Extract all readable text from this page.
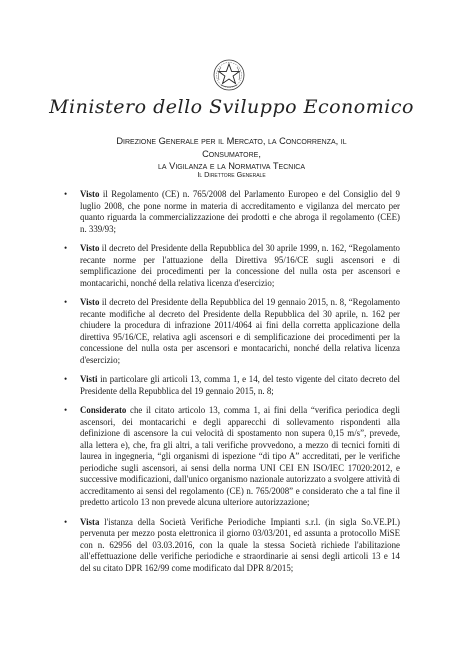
Ministero dello Sviluppo Economico
Direzione Generale per il Mercato, la Concorrenza, il Consumatore,
la Vigilanza e la Normativa Tecnica
Il Direttore Generale
• Visto il Regolamento (CE) n. 765/2008 del Parlamento Europeo e del Consiglio del 9 luglio 2008, che pone norme in materia di accreditamento e vigilanza del mercato per quanto riguarda la commercializzazione dei prodotti e che abroga il regolamento (CEE) n. 339/93;

• Visto il decreto del Presidente della Repubblica del 30 aprile 1999, n. 162, “Regolamento recante norme per l'attuazione della Direttiva 95/16/CE sugli ascensori e di semplificazione dei procedimenti per la concessione del nulla osta per ascensori e montacarichi, nonché della relativa licenza d'esercizio;

• Visto il decreto del Presidente della Repubblica del 19 gennaio 2015, n. 8, “Regolamento recante modifiche al decreto del Presidente della Repubblica del 30 aprile, n. 162 per chiudere la procedura di infrazione 2011/4064 ai fini della corretta applicazione della direttiva 95/16/CE, relativa agli ascensori e di semplificazione dei procedimenti per la concessione del nulla osta per ascensori e montacarichi, nonché della relativa licenza d'esercizio;

• Visti in particolare gli articoli 13, comma 1, e 14, del testo vigente del citato decreto del Presidente della Repubblica del 19 gennaio 2015, n. 8;

• Considerato che il citato articolo 13, comma 1, ai fini della “verifica periodica degli ascensori, dei montacarichi e degli apparecchi di sollevamento rispondenti alla definizione di ascensore la cui velocità di spostamento non supera 0,15 m/s”, prevede, alla lettera e), che, fra gli altri, a tali verifiche provvedono, a mezzo di tecnici forniti di laurea in ingegneria, “gli organismi di ispezione “di tipo A” accreditati, per le verifiche periodiche sugli ascensori, ai sensi della norma UNI CEI EN ISO/IEC 17020:2012, e successive modificazioni, dall'unico organismo nazionale autorizzato a svolgere attività di accreditamento ai sensi del regolamento (CE) n. 765/2008” e considerato che a tal fine il predetto articolo 13 non prevede alcuna ulteriore autorizzazione;

• Vista l'istanza della Società Verifiche Periodiche Impianti s.r.l. (in sigla So.VE.PI.) pervenuta per mezzo posta elettronica il giorno 03/03/201, ed assunta a protocollo MiSE con n. 62956 del 03.03.2016, con la quale la stessa Società richiede l'abilitazione all'effettuazione delle verifiche periodiche e straordinarie ai sensi degli articoli 13 e 14 del su citato DPR 162/99 come modificato dal DPR 8/2015;
